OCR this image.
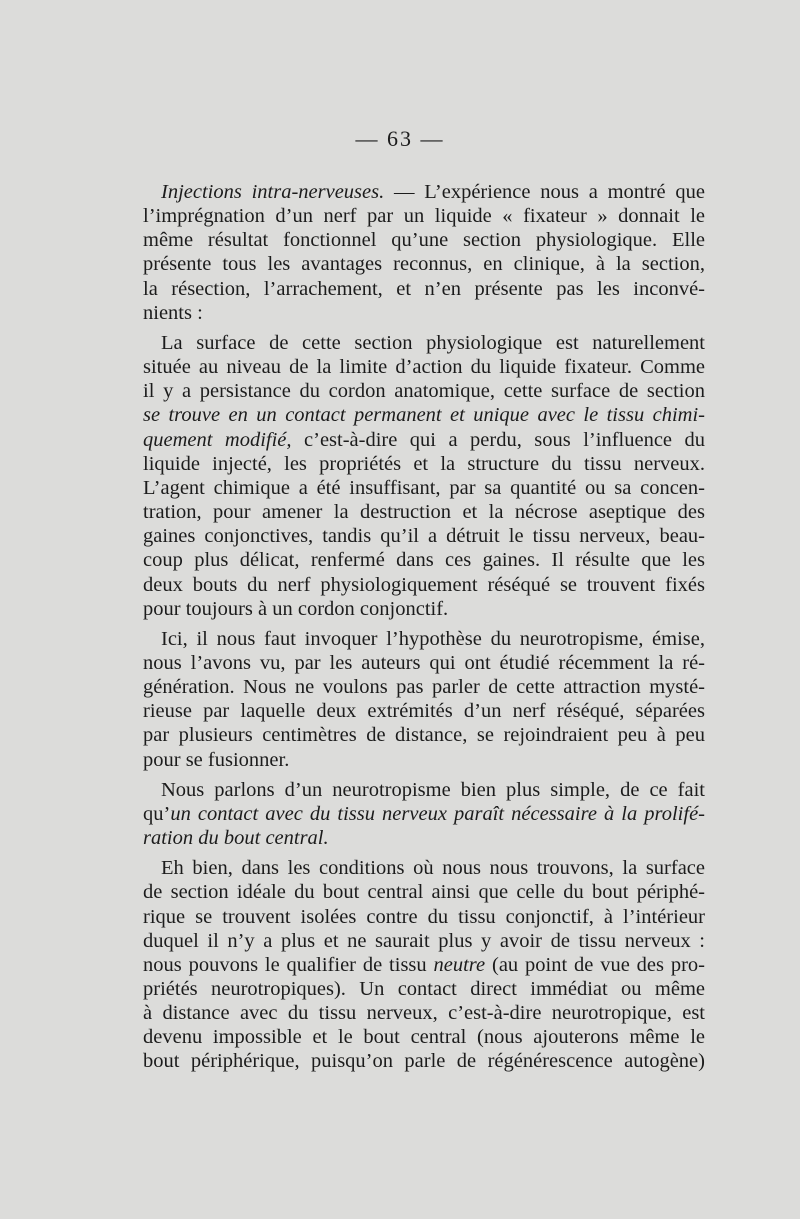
— 63 —

Injections intra-nerveuses. — L’expérience nous a montré que

l’imprégnation d’un nerf par un liquide « fixateur » donnait le

même résultat fonctionnel qu’une section physiologique. Elle

présente tous les avantages reconnus, en clinique, à la section,

la résection, l’arrachement, et n’en présente pas les inconvé-

nients :

La surface de cette section physiologique est naturellement

située au niveau de la limite d’action du liquide fixateur. Comme

il y a persistance du cordon anatomique, cette surface de section

se trouve en un contact permanent et unique avec le tissu chimi-

quement modifié, c’est-à-dire qui a perdu, sous l’influence du

liquide injecté, les propriétés et la structure du tissu nerveux.

L’agent chimique a été insuffisant, par sa quantité ou sa concen-

tration, pour amener la destruction et la nécrose aseptique des

gaines conjonctives, tandis qu’il a détruit le tissu nerveux, beau-

coup plus délicat, renfermé dans ces gaines. Il résulte que les

deux bouts du nerf physiologiquement réséqué se trouvent fixés

pour toujours à un cordon conjonctif.

Ici, il nous faut invoquer l’hypothèse du neurotropisme, émise,

nous l’avons vu, par les auteurs qui ont étudié récemment la ré-

génération. Nous ne voulons pas parler de cette attraction mysté-

rieuse par laquelle deux extrémités d’un nerf réséqué, séparées

par plusieurs centimètres de distance, se rejoindraient peu à peu

pour se fusionner.

Nous parlons d’un neurotropisme bien plus simple, de ce fait

qu’un contact avec du tissu nerveux paraît nécessaire à la prolifé-

ration du bout central.

Eh bien, dans les conditions où nous nous trouvons, la surface

de section idéale du bout central ainsi que celle du bout périphé-

rique se trouvent isolées contre du tissu conjonctif, à l’intérieur

duquel il n’y a plus et ne saurait plus y avoir de tissu nerveux :

nous pouvons le qualifier de tissu neutre (au point de vue des pro-

priétés neurotropiques). Un contact direct immédiat ou même

à distance avec du tissu nerveux, c’est-à-dire neurotropique, est

devenu impossible et le bout central (nous ajouterons même le

bout périphérique, puisqu’on parle de régénérescence autogène)
